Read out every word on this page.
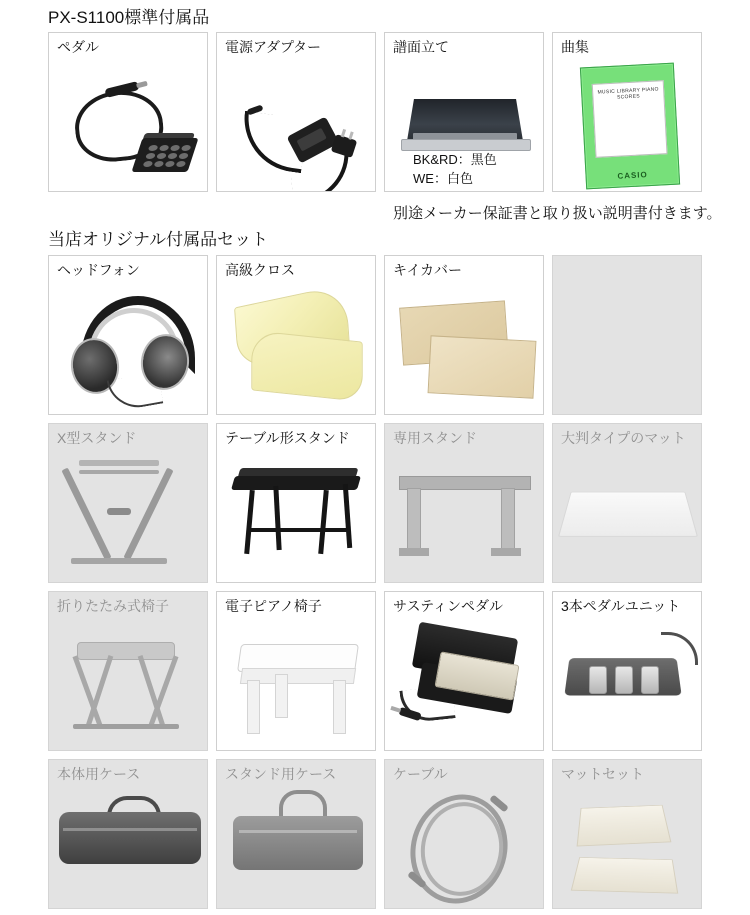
PX-S1100標準付属品
当店オリジナル付属品セット
別途メーカー保証書と取り扱い説明書付きます。
ペダル	電源アダプター	譜面立て
BK&RD：黒色
WE：白色
曲集
MUSIC LIBRARY PIANO SCORES
CASIO
ヘッドフォン	高級クロス	キイカバー
X型スタンド	テーブル形スタンド	専用スタンド	大判タイプのマット
折りたたみ式椅子	電子ピアノ椅子	サスティンペダル	3本ペダルユニット
本体用ケース	スタンド用ケース	ケーブル	マットセット
